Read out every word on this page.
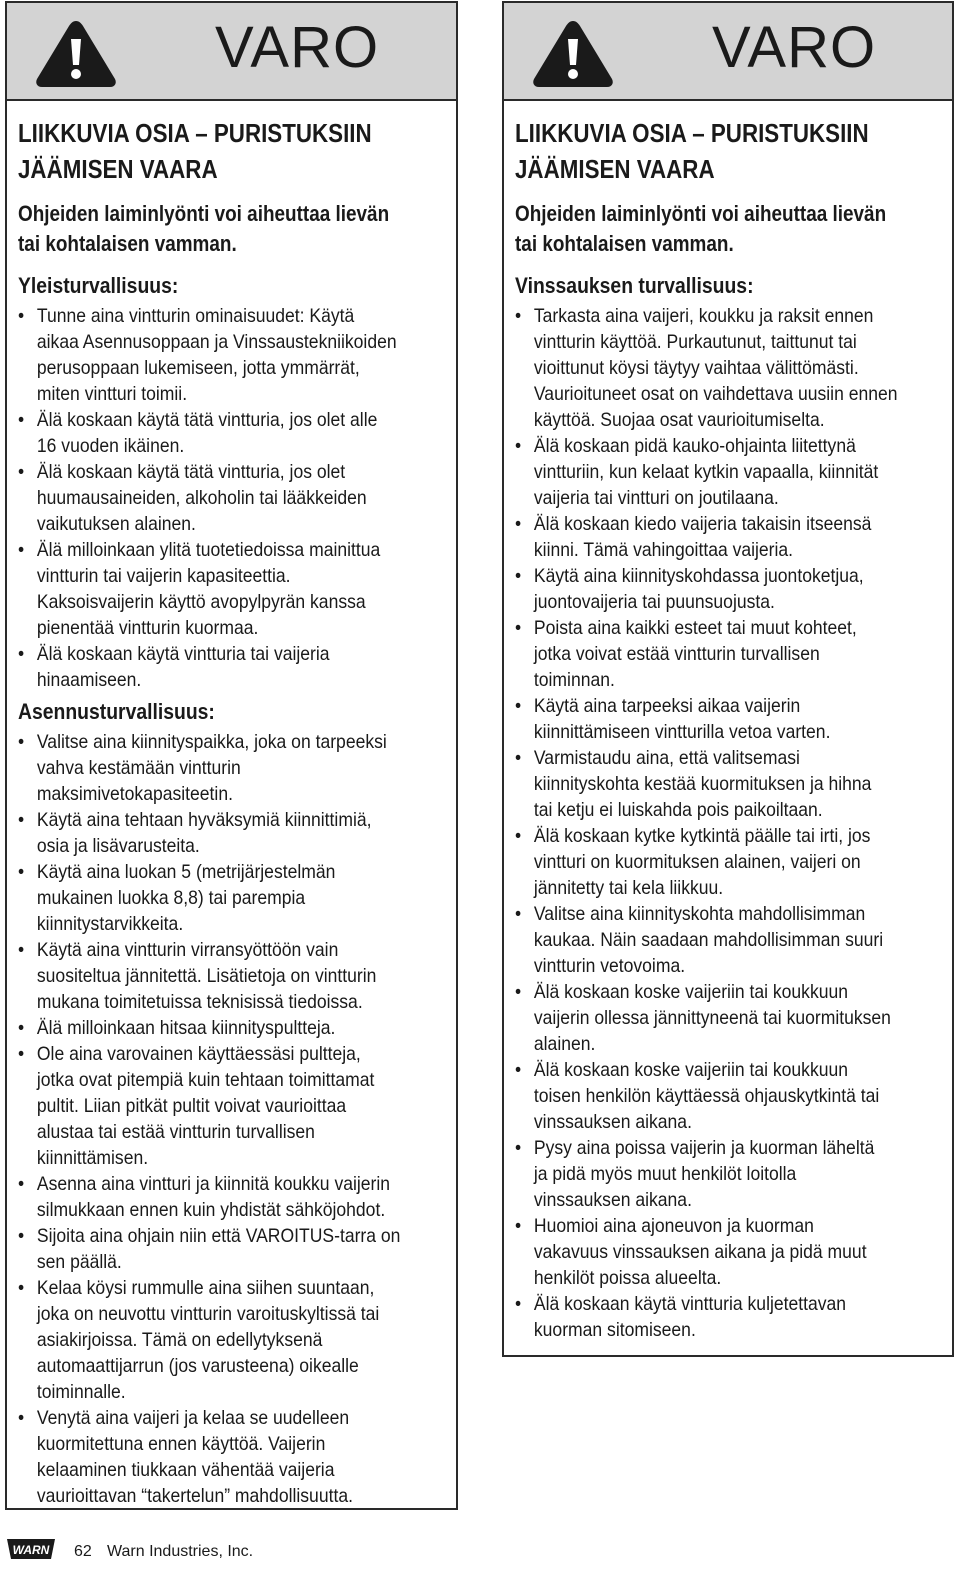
VARO
LIIKKUVIA OSIA – PURISTUKSIIN
JÄÄMISEN VAARA
Ohjeiden laiminlyönti voi aiheuttaa lievän
tai kohtalaisen vamman.
Yleisturvallisuus:
• Tunne aina vintturin ominaisuudet: Käytä
aikaa Asennusoppaan ja Vinssaustekniikoiden
perusoppaan lukemiseen, jotta ymmärrät,
miten vintturi toimii.
• Älä koskaan käytä tätä vintturia, jos olet alle
16 vuoden ikäinen.
• Älä koskaan käytä tätä vintturia, jos olet
huumausaineiden, alkoholin tai lääkkeiden
vaikutuksen alainen.
• Älä milloinkaan ylitä tuotetiedoissa mainittua
vintturin tai vaijerin kapasiteettia.
Kaksoisvaijerin käyttö avopylpyrän kanssa
pienentää vintturin kuormaa.
• Älä koskaan käytä vintturia tai vaijeria
hinaamiseen.
Asennusturvallisuus:
• Valitse aina kiinnityspaikka, joka on tarpeeksi
vahva kestämään vintturin
maksimivetokapasiteetin.
• Käytä aina tehtaan hyväksymiä kiinnittimiä,
osia ja lisävarusteita.
• Käytä aina luokan 5 (metrijärjestelmän
mukainen luokka 8,8) tai parempia
kiinnitystarvikkeita.
• Käytä aina vintturin virransyöttöön vain
suositeltua jännitettä. Lisätietoja on vintturin
mukana toimitetuissa teknisissä tiedoissa.
• Älä milloinkaan hitsaa kiinnityspultteja.
• Ole aina varovainen käyttäessäsi pultteja,
jotka ovat pitempiä kuin tehtaan toimittamat
pultit. Liian pitkät pultit voivat vaurioittaa
alustaa tai estää vintturin turvallisen
kiinnittämisen.
• Asenna aina vintturi ja kiinnitä koukku vaijerin
silmukkaan ennen kuin yhdistät sähköjohdot.
• Sijoita aina ohjain niin että VAROITUS-tarra on
sen päällä.
• Kelaa köysi rummulle aina siihen suuntaan,
joka on neuvottu vintturin varoituskyltissä tai
asiakirjoissa. Tämä on edellytyksenä
automaattijarrun (jos varusteena) oikealle
toiminnalle.
• Venytä aina vaijeri ja kelaa se uudelleen
kuormitettuna ennen käyttöä. Vaijerin
kelaaminen tiukkaan vähentää vaijeria
vaurioittavan “takertelun” mahdollisuutta.
VARO
LIIKKUVIA OSIA – PURISTUKSIIN
JÄÄMISEN VAARA
Ohjeiden laiminlyönti voi aiheuttaa lievän
tai kohtalaisen vamman.
Vinssauksen turvallisuus:
• Tarkasta aina vaijeri, koukku ja raksit ennen
vintturin käyttöä. Purkautunut, taittunut tai
vioittunut köysi täytyy vaihtaa välittömästi.
Vaurioituneet osat on vaihdettava uusiin ennen
käyttöä. Suojaa osat vaurioitumiselta.
• Älä koskaan pidä kauko-ohjainta liitettynä
vintturiin, kun kelaat kytkin vapaalla, kiinnität
vaijeria tai vintturi on joutilaana.
• Älä koskaan kiedo vaijeria takaisin itseensä
kiinni. Tämä vahingoittaa vaijeria.
• Käytä aina kiinnityskohdassa juontoketjua,
juontovaijeria tai puunsuojusta.
• Poista aina kaikki esteet tai muut kohteet,
jotka voivat estää vintturin turvallisen
toiminnan.
• Käytä aina tarpeeksi aikaa vaijerin
kiinnittämiseen vintturilla vetoa varten.
• Varmistaudu aina, että valitsemasi
kiinnityskohta kestää kuormituksen ja hihna
tai ketju ei luiskahda pois paikoiltaan.
• Älä koskaan kytke kytkintä päälle tai irti, jos
vintturi on kuormituksen alainen, vaijeri on
jännitetty tai kela liikkuu.
• Valitse aina kiinnityskohta mahdollisimman
kaukaa. Näin saadaan mahdollisimman suuri
vintturin vetovoima.
• Älä koskaan koske vaijeriin tai koukkuun
vaijerin ollessa jännittyneenä tai kuormituksen
alainen.
• Älä koskaan koske vaijeriin tai koukkuun
toisen henkilön käyttäessä ohjauskytkintä tai
vinssauksen aikana.
• Pysy aina poissa vaijerin ja kuorman läheltä
ja pidä myös muut henkilöt loitolla
vinssauksen aikana.
• Huomioi aina ajoneuvon ja kuorman
vakavuus vinssauksen aikana ja pidä muut
henkilöt poissa alueelta.
• Älä koskaan käytä vintturia kuljetettavan
kuorman sitomiseen.
WARN 62 Warn Industries, Inc.
